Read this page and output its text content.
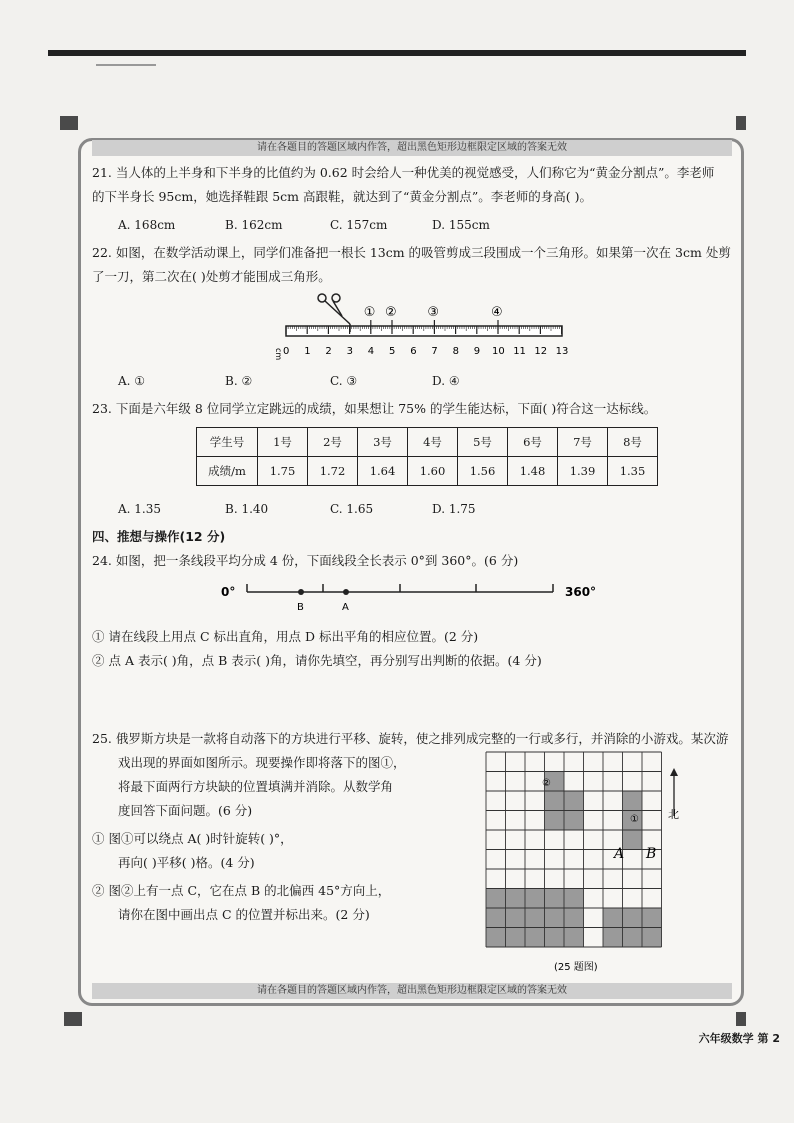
请在各题目的答题区域内作答，超出黑色矩形边框限定区域的答案无效
21. 当人体的上半身和下半身的比值约为 0.62 时会给人一种优美的视觉感受，人们称它为“黄金分割点”。李老师
的下半身长 95cm，她选择鞋跟 5cm 高跟鞋，就达到了“黄金分割点”。李老师的身高( )。
A. 168cm	B. 162cm	C. 157cm	D. 155cm
22. 如图，在数学活动课上，同学们准备把一根长 13cm 的吸管剪成三段围成一个三角形。如果第一次在 3cm 处剪
了一刀，第二次在( )处剪才能围成三角形。
0 1 2 3 4 5 6 7 8 9 10 11 12 13
cm
① ② ③	④
A. ①	B. ②	C. ③	D. ④
23. 下面是六年级 8 位同学立定跳远的成绩，如果想让 75% 的学生能达标，下面( )符合这一达标线。
学生号	1号	2号	3号	4号	5号	6号	7号	8号
成绩/m	1.75	1.72	1.64	1.60	1.56	1.48	1.39	1.35
A. 1.35	B. 1.40	C. 1.65	D. 1.75
四、推想与操作(12 分)
24. 如图，把一条线段平均分成 4 份，下面线段全长表示 0°到 360°。(6 分)
0°
B	A
360°
① 请在线段上用点 C 标出直角，用点 D 标出平角的相应位置。(2 分)
② 点 A 表示( )角，点 B 表示( )角，请你先填空，再分别写出判断的依据。(4 分)
25. 俄罗斯方块是一款将自动落下的方块进行平移、旋转，使之排列成完整的一行或多行，并消除的小游戏。某次游
戏出现的界面如图所示。现要操作即将落下的图①，
将最下面两行方块缺的位置填满并消除。从数学角
度回答下面问题。(6 分)
① 图①可以绕点 A( )时针旋转( )°，
再向( )平移( )格。(4 分)
② 图②上有一点 C，它在点 B 的北偏西 45°方向上，
请你在图中画出点 C 的位置并标出来。(2 分)
②
①
A B
北
(25 题图)
请在各题目的答题区域内作答，超出黑色矩形边框限定区域的答案无效
六年级数学 第 2
